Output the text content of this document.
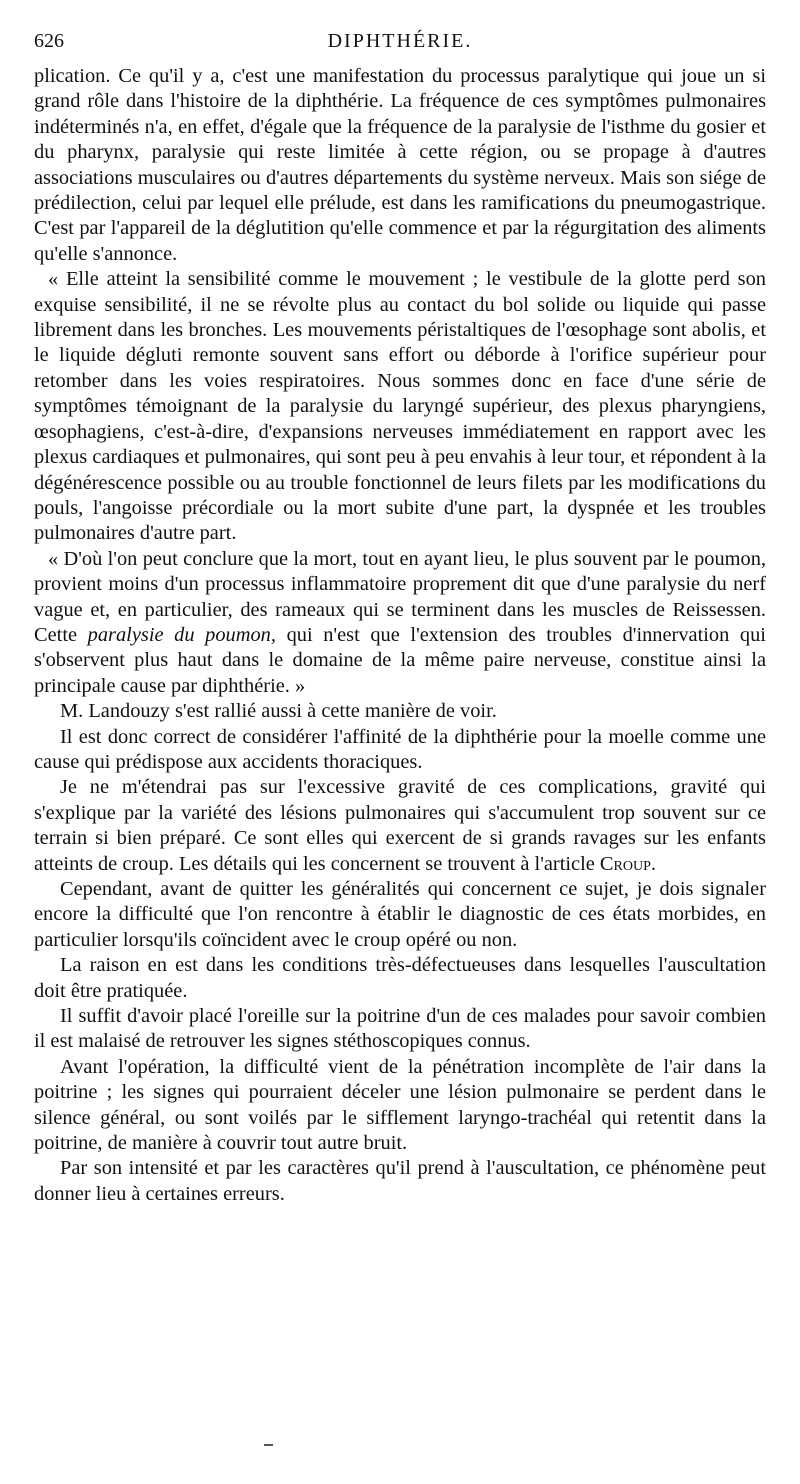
626	DIPHTHÉRIE.

plication. Ce qu'il y a, c'est une manifestation du processus paralytique qui joue un si grand rôle dans l'histoire de la diphthérie. La fréquence de ces symptômes pulmonaires indéterminés n'a, en effet, d'égale que la fréquence de la paralysie de l'isthme du gosier et du pharynx, paralysie qui reste limitée à cette région, ou se propage à d'autres associations musculaires ou d'autres départements du système nerveux. Mais son siége de prédilection, celui par lequel elle prélude, est dans les ramifications du pneumogastrique. C'est par l'appareil de la déglutition qu'elle commence et par la régurgitation des aliments qu'elle s'annonce.

« Elle atteint la sensibilité comme le mouvement ; le vestibule de la glotte perd son exquise sensibilité, il ne se révolte plus au contact du bol solide ou liquide qui passe librement dans les bronches. Les mouvements péristaltiques de l'œsophage sont abolis, et le liquide dégluti remonte souvent sans effort ou déborde à l'orifice supérieur pour retomber dans les voies respiratoires. Nous sommes donc en face d'une série de symptômes témoignant de la paralysie du laryngé supérieur, des plexus pharyngiens, œsophagiens, c'est-à-dire, d'expansions nerveuses immédiatement en rapport avec les plexus cardiaques et pulmonaires, qui sont peu à peu envahis à leur tour, et répondent à la dégénérescence possible ou au trouble fonctionnel de leurs filets par les modifications du pouls, l'angoisse précordiale ou la mort subite d'une part, la dyspnée et les troubles pulmonaires d'autre part.

« D'où l'on peut conclure que la mort, tout en ayant lieu, le plus souvent par le poumon, provient moins d'un processus inflammatoire proprement dit que d'une paralysie du nerf vague et, en particulier, des rameaux qui se terminent dans les muscles de Reissessen. Cette paralysie du poumon, qui n'est que l'extension des troubles d'innervation qui s'observent plus haut dans le domaine de la même paire nerveuse, constitue ainsi la principale cause par diphthérie. »

M. Landouzy s'est rallié aussi à cette manière de voir.

Il est donc correct de considérer l'affinité de la diphthérie pour la moelle comme une cause qui prédispose aux accidents thoraciques.

Je ne m'étendrai pas sur l'excessive gravité de ces complications, gravité qui s'explique par la variété des lésions pulmonaires qui s'accumulent trop souvent sur ce terrain si bien préparé. Ce sont elles qui exercent de si grands ravages sur les enfants atteints de croup. Les détails qui les concernent se trouvent à l'article Croup.

Cependant, avant de quitter les généralités qui concernent ce sujet, je dois signaler encore la difficulté que l'on rencontre à établir le diagnostic de ces états morbides, en particulier lorsqu'ils coïncident avec le croup opéré ou non.

La raison en est dans les conditions très-défectueuses dans lesquelles l'auscultation doit être pratiquée.

Il suffit d'avoir placé l'oreille sur la poitrine d'un de ces malades pour savoir combien il est malaisé de retrouver les signes stéthoscopiques connus.

Avant l'opération, la difficulté vient de la pénétration incomplète de l'air dans la poitrine ; les signes qui pourraient déceler une lésion pulmonaire se perdent dans le silence général, ou sont voilés par le sifflement laryngo-trachéal qui retentit dans la poitrine, de manière à couvrir tout autre bruit.

Par son intensité et par les caractères qu'il prend à l'auscultation, ce phénomène peut donner lieu à certaines erreurs.
